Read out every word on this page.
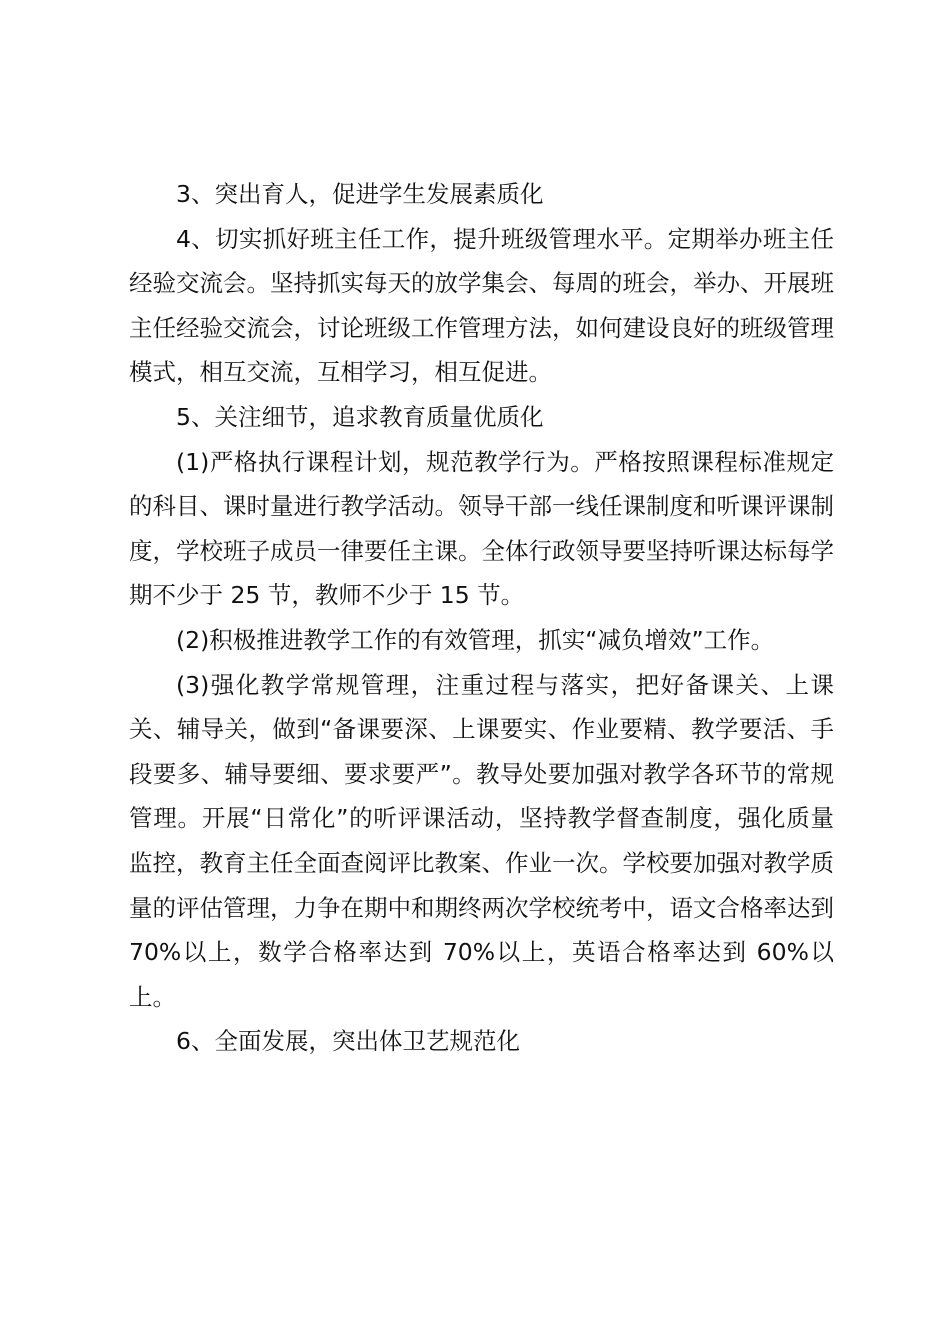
3、突出育人，促进学生发展素质化

4、切实抓好班主任工作，提升班级管理水平。定期举办班主任经验交流会。坚持抓实每天的放学集会、每周的班会，举办、开展班主任经验交流会，讨论班级工作管理方法，如何建设良好的班级管理模式，相互交流，互相学习，相互促进。

5、关注细节，追求教育质量优质化

(1)严格执行课程计划，规范教学行为。严格按照课程标准规定的科目、课时量进行教学活动。领导干部一线任课制度和听课评课制度，学校班子成员一律要任主课。全体行政领导要坚持听课达标每学期不少于 25 节，教师不少于 15 节。

(2)积极推进教学工作的有效管理，抓实“减负增效”工作。

(3)强化教学常规管理，注重过程与落实，把好备课关、上课关、辅导关，做到“备课要深、上课要实、作业要精、教学要活、手段要多、辅导要细、要求要严”。教导处要加强对教学各环节的常规管理。开展“日常化”的听评课活动，坚持教学督查制度，强化质量监控，教育主任全面查阅评比教案、作业一次。学校要加强对教学质量的评估管理，力争在期中和期终两次学校统考中，语文合格率达到 70%以上，数学合格率达到 70%以上，英语合格率达到 60%以上。

6、全面发展，突出体卫艺规范化
